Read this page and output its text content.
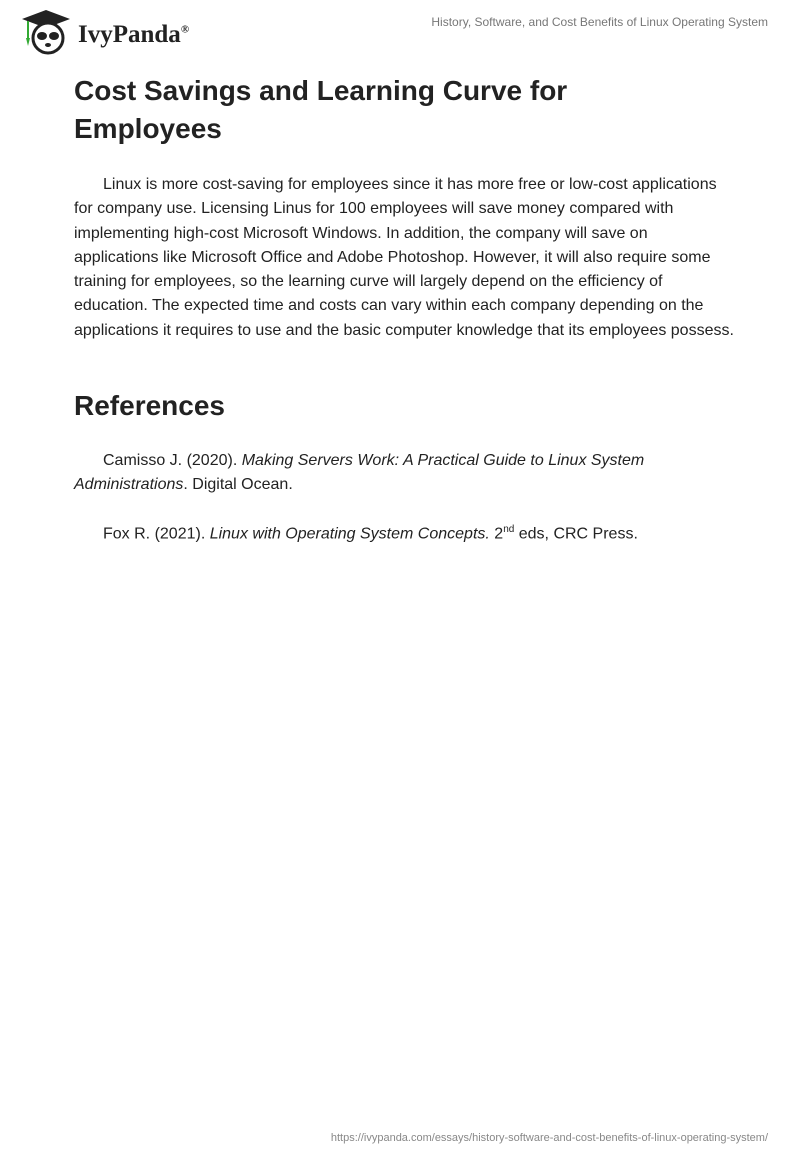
IvyPanda®
History, Software, and Cost Benefits of Linux Operating System
Cost Savings and Learning Curve for Employees

Linux is more cost-saving for employees since it has more free or low-cost applications for company use. Licensing Linus for 100 employees will save money compared with implementing high-cost Microsoft Windows. In addition, the company will save on applications like Microsoft Office and Adobe Photoshop. However, it will also require some training for employees, so the learning curve will largely depend on the efficiency of education. The expected time and costs can vary within each company depending on the applications it requires to use and the basic computer knowledge that its employees possess.

References

Camisso J. (2020). Making Servers Work: A Practical Guide to Linux System Administrations. Digital Ocean.

Fox R. (2021). Linux with Operating System Concepts. 2nd eds, CRC Press.

https://ivypanda.com/essays/history-software-and-cost-benefits-of-linux-operating-system/
